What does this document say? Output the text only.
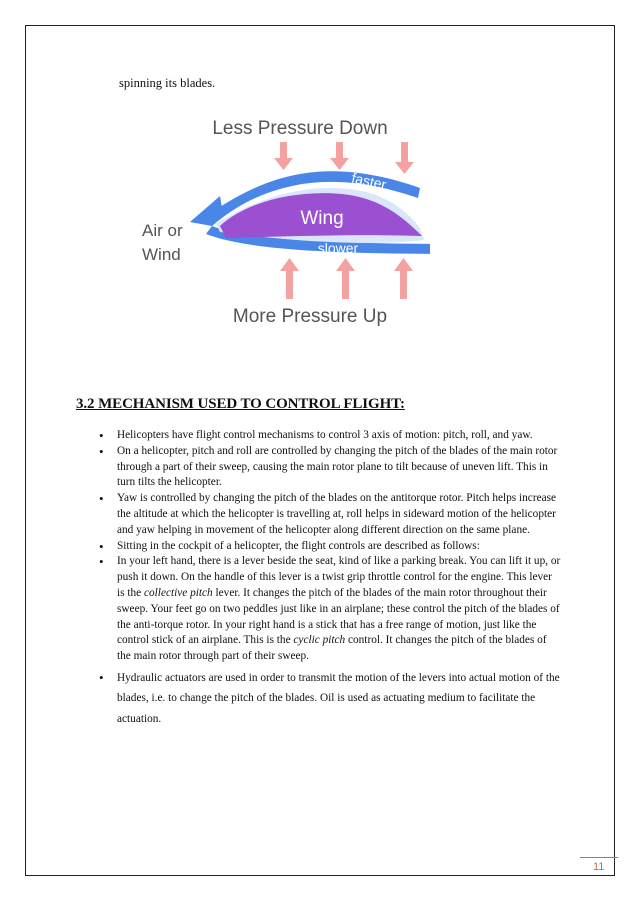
spinning its blades.
Less Pressure Down
faster
Wing
slower
Air or
Wind
More Pressure Up
3.2 MECHANISM USED TO CONTROL FLIGHT:
• Helicopters have flight control mechanisms to control 3 axis of motion: pitch, roll, and yaw.
• On a helicopter, pitch and roll are controlled by changing the pitch of the blades of the main rotor through a part of their sweep, causing the main rotor plane to tilt because of uneven lift. This in turn tilts the helicopter.
• Yaw is controlled by changing the pitch of the blades on the antitorque rotor. Pitch helps increase the altitude at which the helicopter is travelling at, roll helps in sideward motion of the helicopter and yaw helping in movement of the helicopter along different direction on the same plane.
• Sitting in the cockpit of a helicopter, the flight controls are described as follows:
• In your left hand, there is a lever beside the seat, kind of like a parking break. You can lift it up, or push it down. On the handle of this lever is a twist grip throttle control for the engine. This lever is the collective pitch lever. It changes the pitch of the blades of the main rotor throughout their sweep. Your feet go on two peddles just like in an airplane; these control the pitch of the blades of the anti-torque rotor. In your right hand is a stick that has a free range of motion, just like the control stick of an airplane. This is the cyclic pitch control. It changes the pitch of the blades of the main rotor through part of their sweep.
• Hydraulic actuators are used in order to transmit the motion of the levers into actual motion of the blades, i.e. to change the pitch of the blades. Oil is used as actuating medium to facilitate the actuation.
11
